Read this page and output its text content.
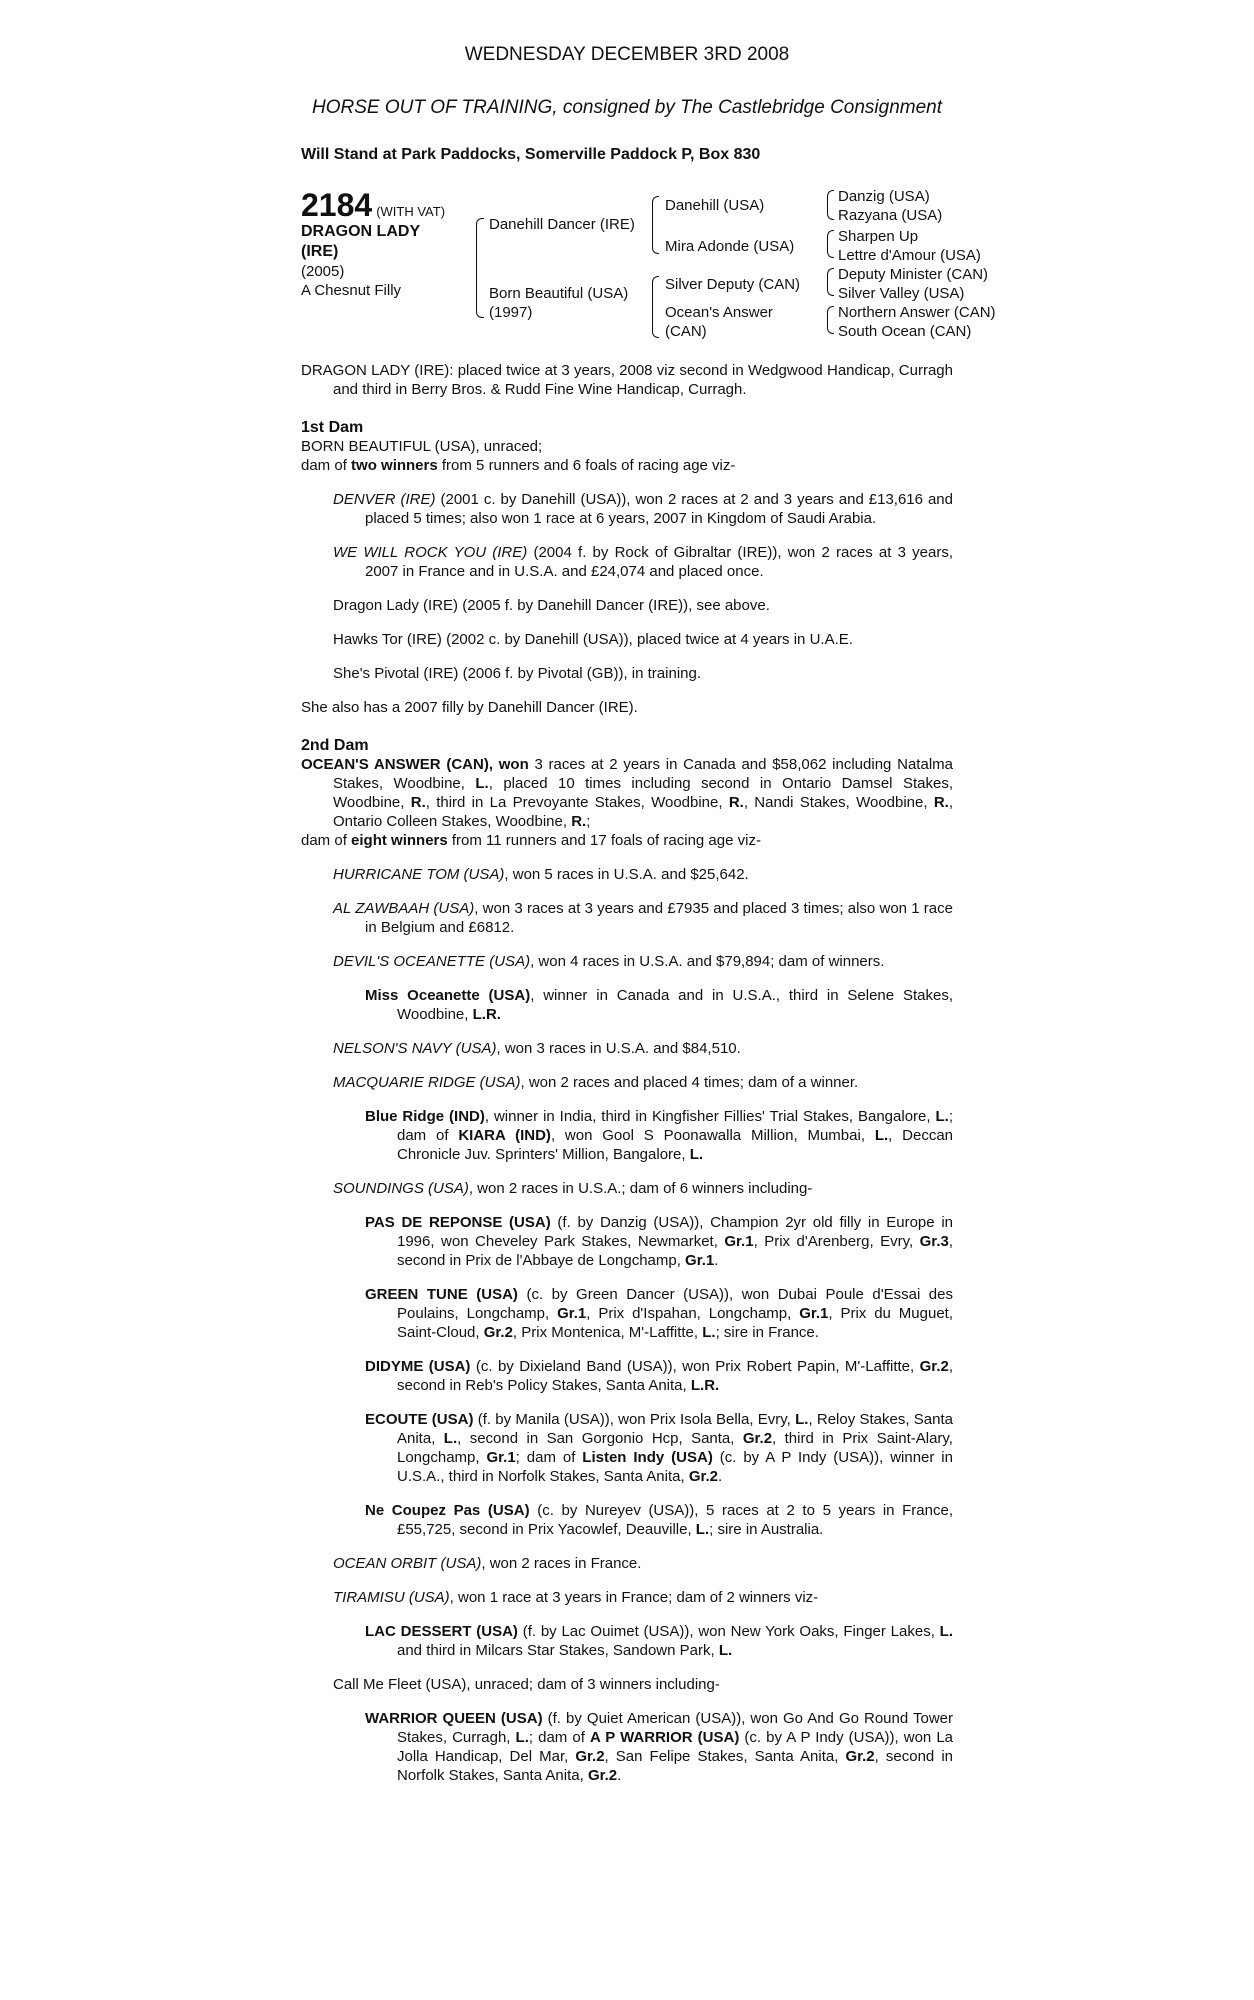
WEDNESDAY DECEMBER 3RD 2008
HORSE OUT OF TRAINING, consigned by The Castlebridge Consignment
Will Stand at Park Paddocks, Somerville Paddock P, Box 830
2184 (WITH VAT)
DRAGON LADY
(IRE)
(2005)
A Chesnut Filly
Danehill Dancer (IRE)
Born Beautiful (USA)
(1997)
Danehill (USA)
Mira Adonde (USA)
Silver Deputy (CAN)
Ocean's Answer
(CAN)
Danzig (USA)
Razyana (USA)
Sharpen Up
Lettre d'Amour (USA)
Deputy Minister (CAN)
Silver Valley (USA)
Northern Answer (CAN)
South Ocean (CAN)

DRAGON LADY (IRE): placed twice at 3 years, 2008 viz second in Wedgwood Handicap, Curragh and third in Berry Bros. & Rudd Fine Wine Handicap, Curragh.

1st Dam

BORN BEAUTIFUL (USA), unraced;

dam of two winners from 5 runners and 6 foals of racing age viz-

DENVER (IRE) (2001 c. by Danehill (USA)), won 2 races at 2 and 3 years and £13,616 and placed 5 times; also won 1 race at 6 years, 2007 in Kingdom of Saudi Arabia.

WE WILL ROCK YOU (IRE) (2004 f. by Rock of Gibraltar (IRE)), won 2 races at 3 years, 2007 in France and in U.S.A. and £24,074 and placed once.

Dragon Lady (IRE) (2005 f. by Danehill Dancer (IRE)), see above.

Hawks Tor (IRE) (2002 c. by Danehill (USA)), placed twice at 4 years in U.A.E.

She's Pivotal (IRE) (2006 f. by Pivotal (GB)), in training.

She also has a 2007 filly by Danehill Dancer (IRE).

2nd Dam

OCEAN'S ANSWER (CAN), won 3 races at 2 years in Canada and $58,062 including Natalma Stakes, Woodbine, L., placed 10 times including second in Ontario Damsel Stakes, Woodbine, R., third in La Prevoyante Stakes, Woodbine, R., Nandi Stakes, Woodbine, R., Ontario Colleen Stakes, Woodbine, R.;

dam of eight winners from 11 runners and 17 foals of racing age viz-

HURRICANE TOM (USA), won 5 races in U.S.A. and $25,642.

AL ZAWBAAH (USA), won 3 races at 3 years and £7935 and placed 3 times; also won 1 race in Belgium and £6812.

DEVIL'S OCEANETTE (USA), won 4 races in U.S.A. and $79,894; dam of winners.

Miss Oceanette (USA), winner in Canada and in U.S.A., third in Selene Stakes, Woodbine, L.R.

NELSON'S NAVY (USA), won 3 races in U.S.A. and $84,510.

MACQUARIE RIDGE (USA), won 2 races and placed 4 times; dam of a winner.

Blue Ridge (IND), winner in India, third in Kingfisher Fillies' Trial Stakes, Bangalore, L.; dam of KIARA (IND), won Gool S Poonawalla Million, Mumbai, L., Deccan Chronicle Juv. Sprinters' Million, Bangalore, L.

SOUNDINGS (USA), won 2 races in U.S.A.; dam of 6 winners including-

PAS DE REPONSE (USA) (f. by Danzig (USA)), Champion 2yr old filly in Europe in 1996, won Cheveley Park Stakes, Newmarket, Gr.1, Prix d'Arenberg, Evry, Gr.3, second in Prix de l'Abbaye de Longchamp, Gr.1.

GREEN TUNE (USA) (c. by Green Dancer (USA)), won Dubai Poule d'Essai des Poulains, Longchamp, Gr.1, Prix d'Ispahan, Longchamp, Gr.1, Prix du Muguet, Saint-Cloud, Gr.2, Prix Montenica, M'-Laffitte, L.; sire in France.

DIDYME (USA) (c. by Dixieland Band (USA)), won Prix Robert Papin, M'-Laffitte, Gr.2, second in Reb's Policy Stakes, Santa Anita, L.R.

ECOUTE (USA) (f. by Manila (USA)), won Prix Isola Bella, Evry, L., Reloy Stakes, Santa Anita, L., second in San Gorgonio Hcp, Santa, Gr.2, third in Prix Saint-Alary, Longchamp, Gr.1; dam of Listen Indy (USA) (c. by A P Indy (USA)), winner in U.S.A., third in Norfolk Stakes, Santa Anita, Gr.2.

Ne Coupez Pas (USA) (c. by Nureyev (USA)), 5 races at 2 to 5 years in France, £55,725, second in Prix Yacowlef, Deauville, L.; sire in Australia.

OCEAN ORBIT (USA), won 2 races in France.

TIRAMISU (USA), won 1 race at 3 years in France; dam of 2 winners viz-

LAC DESSERT (USA) (f. by Lac Ouimet (USA)), won New York Oaks, Finger Lakes, L. and third in Milcars Star Stakes, Sandown Park, L.

Call Me Fleet (USA), unraced; dam of 3 winners including-

WARRIOR QUEEN (USA) (f. by Quiet American (USA)), won Go And Go Round Tower Stakes, Curragh, L.; dam of A P WARRIOR (USA) (c. by A P Indy (USA)), won La Jolla Handicap, Del Mar, Gr.2, San Felipe Stakes, Santa Anita, Gr.2, second in Norfolk Stakes, Santa Anita, Gr.2.
